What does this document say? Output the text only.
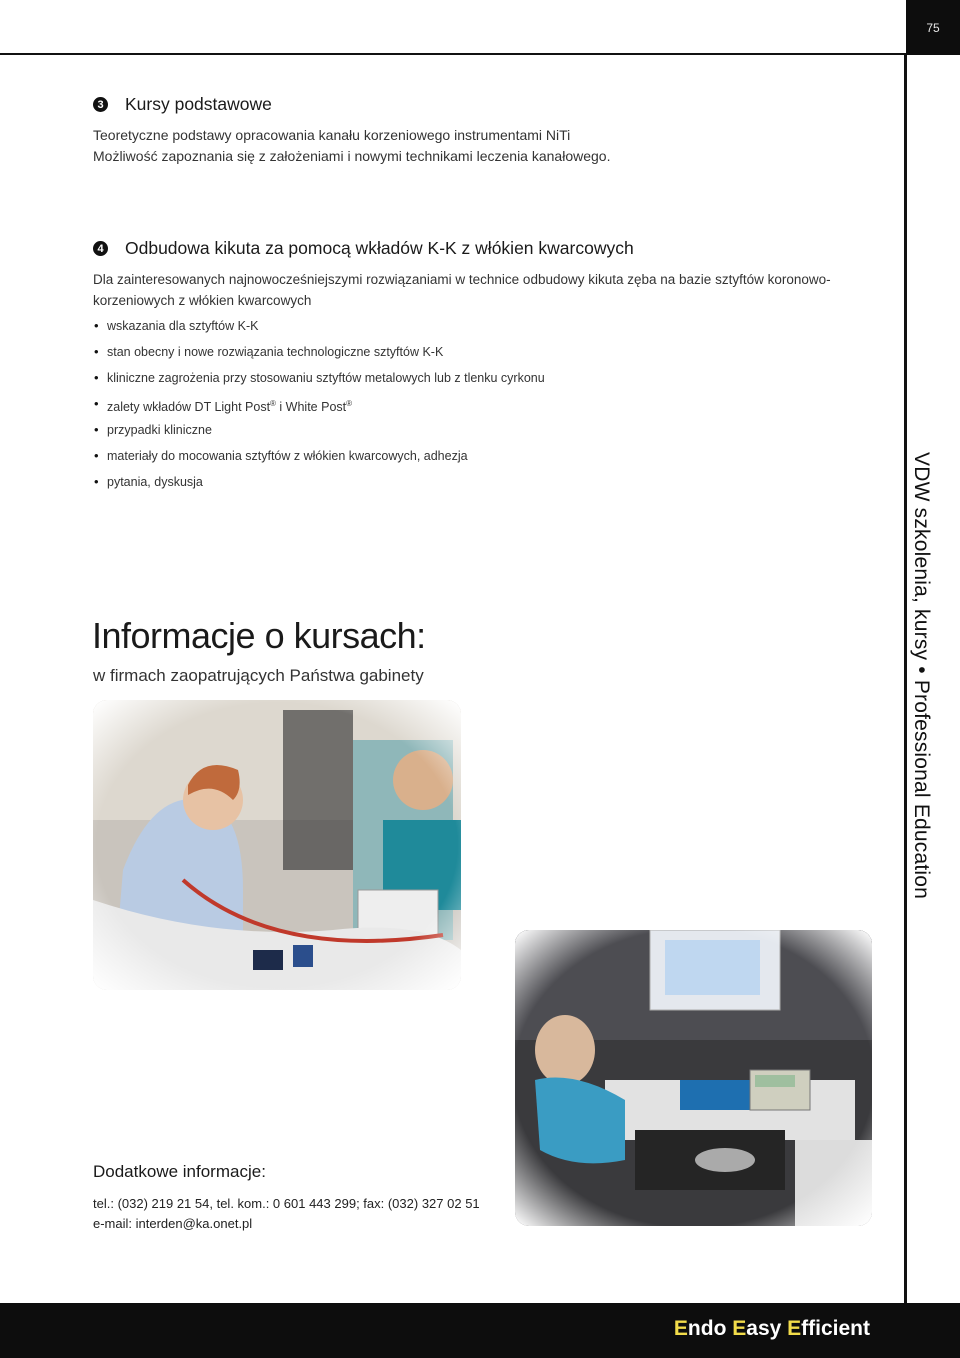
75
VDW szkolenia, kursy • Professional Education
3 Kursy podstawowe
Teoretyczne podstawy opracowania kanału korzeniowego instrumentami NiTi
Możliwość zapoznania się z założeniami i nowymi technikami leczenia kanałowego.
4 Odbudowa kikuta za pomocą wkładów K-K z włókien kwarcowych
Dla zainteresowanych najnowocześniejszymi rozwiązaniami w technice odbudowy kikuta zęba na bazie sztyftów koronowo-
korzeniowych z włókien kwarcowych
• wskazania dla sztyftów K-K
• stan obecny i nowe rozwiązania technologiczne sztyftów K-K
• kliniczne zagrożenia przy stosowaniu sztyftów metalowych lub z tlenku cyrkonu
• zalety wkładów DT Light Post® i White Post®
• przypadki kliniczne
• materiały do mocowania sztyftów z włókien kwarcowych, adhezja
• pytania, dyskusja
Informacje o kursach:
w firmach zaopatrujących Państwa gabinety
Dodatkowe informacje:
tel.: (032) 219 21 54, tel. kom.: 0 601 443 299; fax: (032) 327 02 51
e-mail: interden@ka.onet.pl
Endo Easy Efficient
